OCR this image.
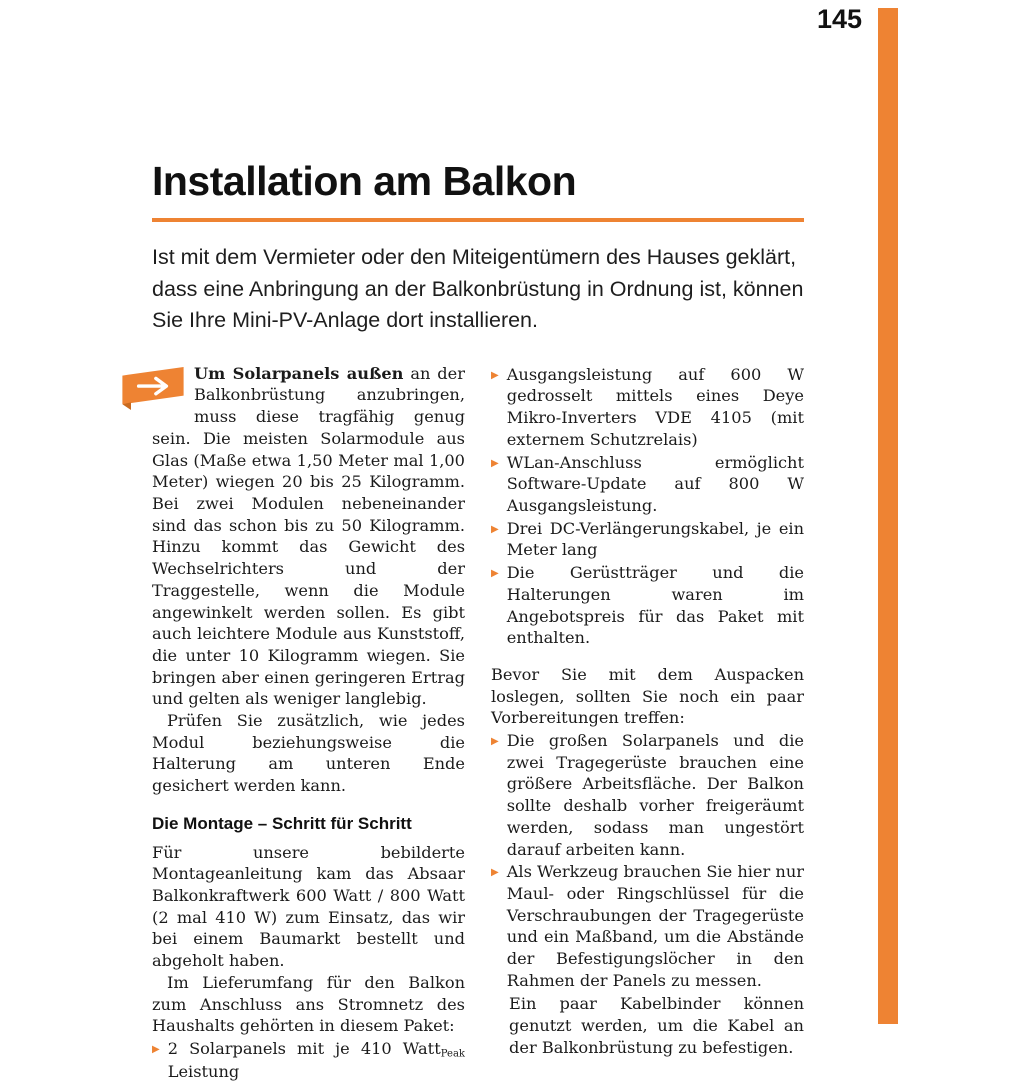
145
Installation am Balkon

Ist mit dem Vermieter oder den Miteigentümern des Hauses geklärt, dass eine Anbringung an der Balkonbrüstung in Ordnung ist, können Sie Ihre Mini-PV-Anlage dort installieren.

Um Solarpanels außen an der Balkonbrüstung anzubringen, muss diese tragfähig genug sein. Die meisten Solarmodule aus Glas (Maße etwa 1,50 Meter mal 1,00 Meter) wiegen 20 bis 25 Kilogramm. Bei zwei Modulen nebeneinander sind das schon bis zu 50 Kilogramm. Hinzu kommt das Gewicht des Wechselrichters und der Traggestelle, wenn die Module angewinkelt werden sollen. Es gibt auch leichtere Module aus Kunststoff, die unter 10 Kilogramm wiegen. Sie bringen aber einen geringeren Ertrag und gelten als weniger langlebig.

Prüfen Sie zusätzlich, wie jedes Modul beziehungsweise die Halterung am unteren Ende gesichert werden kann.

Die Montage – Schritt für Schritt

Für unsere bebilderte Montageanleitung kam das Absaar Balkonkraftwerk 600 Watt / 800 Watt (2 mal 410 W) zum Einsatz, das wir bei einem Baumarkt bestellt und abgeholt haben.

Im Lieferumfang für den Balkon zum Anschluss ans Stromnetz des Haushalts gehörten in diesem Paket:

▶ 2 Solarpanels mit je 410 Watt$_{Peak}$ Leistung
▶ Ausgangsleistung auf 600 W gedrosselt mittels eines Deye Mikro-Inverters VDE 4105 (mit externem Schutzrelais)
▶ WLan-Anschluss ermöglicht Software-Update auf 800 W Ausgangsleistung.
▶ Drei DC-Verlängerungskabel, je ein Meter lang
▶ Die Gerüstträger und die Halterungen waren im Angebotspreis für das Paket mit enthalten.

Bevor Sie mit dem Auspacken loslegen, sollten Sie noch ein paar Vorbereitungen treffen:

▶ Die großen Solarpanels und die zwei Tragegerüste brauchen eine größere Arbeitsfläche. Der Balkon sollte deshalb vorher freigeräumt werden, sodass man ungestört darauf arbeiten kann.
▶ Als Werkzeug brauchen Sie hier nur Maul- oder Ringschlüssel für die Verschraubungen der Tragegerüste und ein Maßband, um die Abstände der Befestigungslöcher in den Rahmen der Panels zu messen.

Ein paar Kabelbinder können genutzt werden, um die Kabel an der Balkonbrüstung zu befestigen.
